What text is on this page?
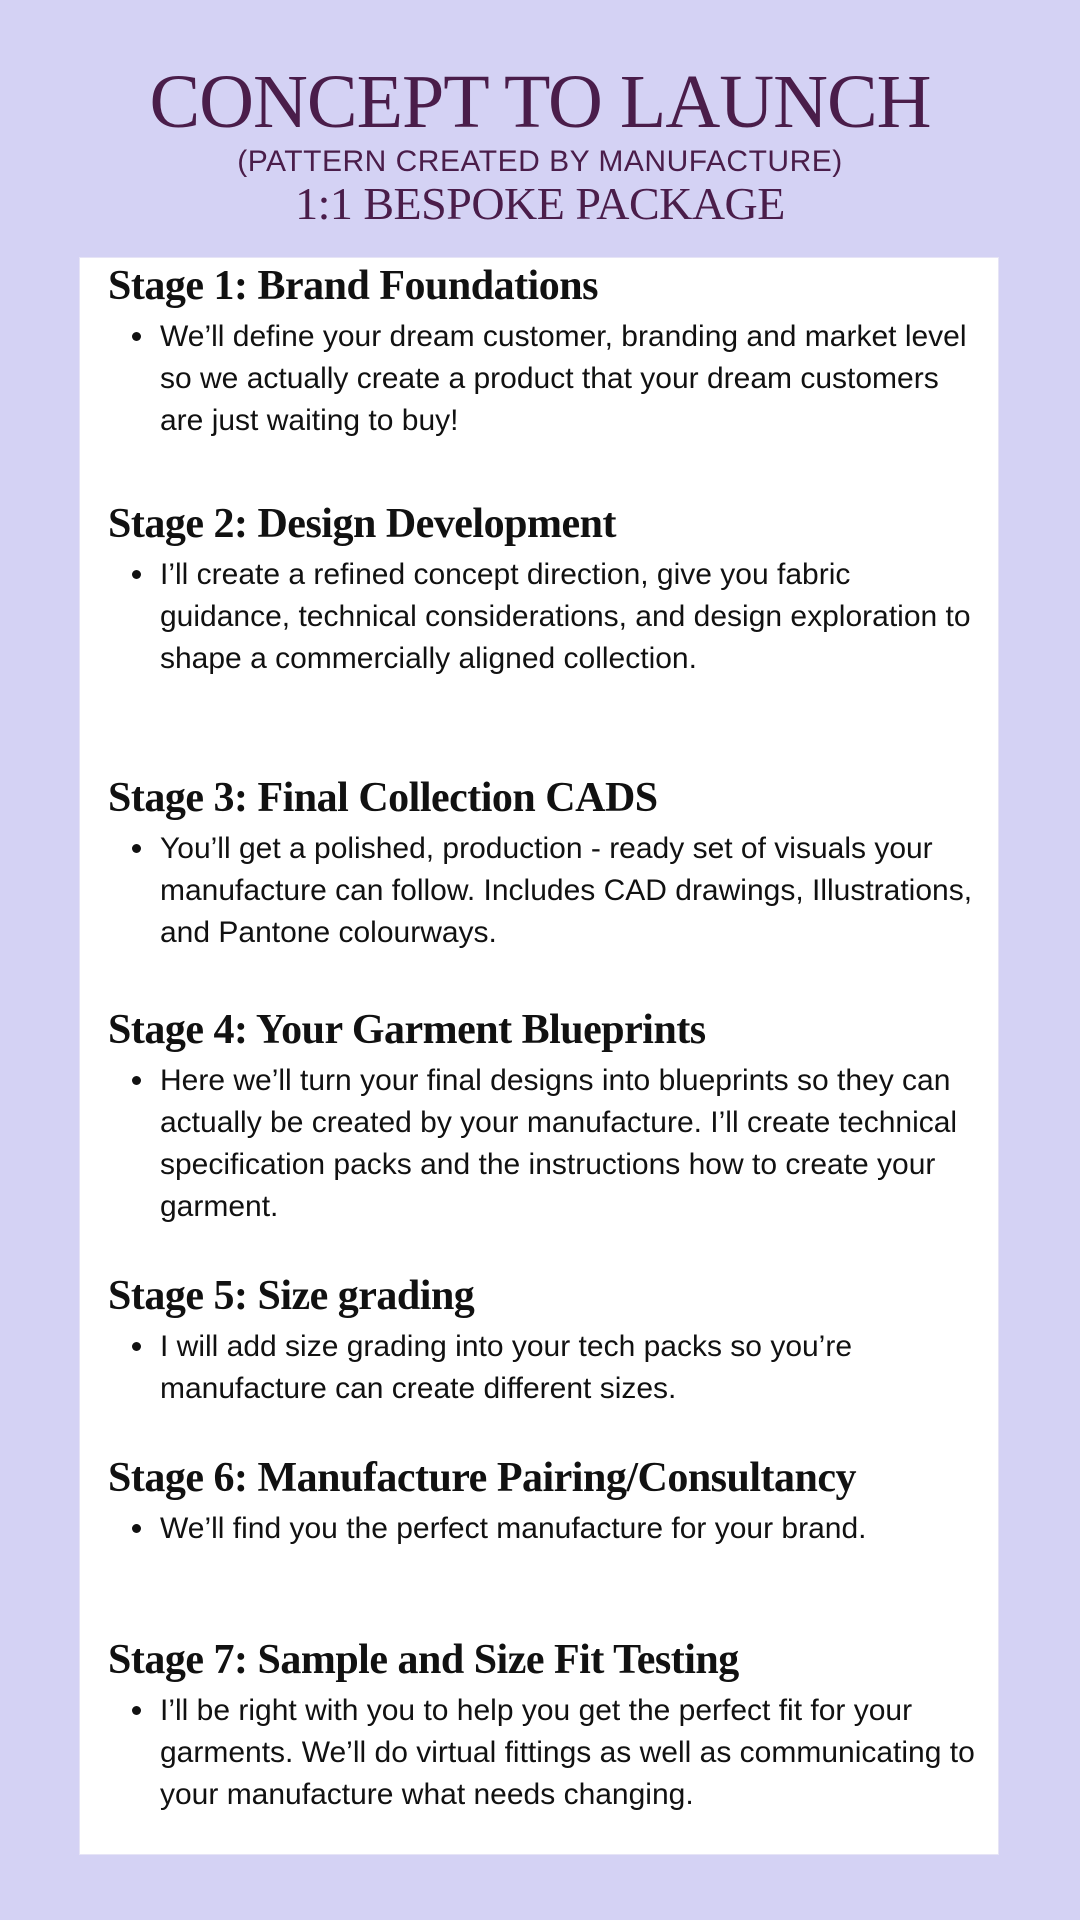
CONCEPT TO LAUNCH
(PATTERN CREATED BY MANUFACTURE)
1:1 BESPOKE PACKAGE
Stage 1: Brand Foundations
We’ll define your dream customer, branding and market level so we actually create a product that your dream customers are just waiting to buy!
Stage 2: Design Development
I’ll create a refined concept direction, give you fabric guidance, technical considerations, and design exploration to shape a commercially aligned collection.
Stage 3: Final Collection CADS
You’ll get a polished, production - ready set of visuals your manufacture can follow. Includes CAD drawings, Illustrations, and Pantone colourways.
Stage 4: Your Garment Blueprints
Here we’ll turn your final designs into blueprints so they can actually be created by your manufacture. I’ll create technical specification packs and the instructions how to create your garment.
Stage 5: Size grading
I will add size grading into your tech packs so you’re manufacture can create different sizes.
Stage 6: Manufacture Pairing/Consultancy
We’ll find you the perfect manufacture for your brand.
Stage 7: Sample and Size Fit Testing
I’ll be right with you to help you get the perfect fit for your garments. We’ll do virtual fittings as well as communicating to your manufacture what needs changing.
